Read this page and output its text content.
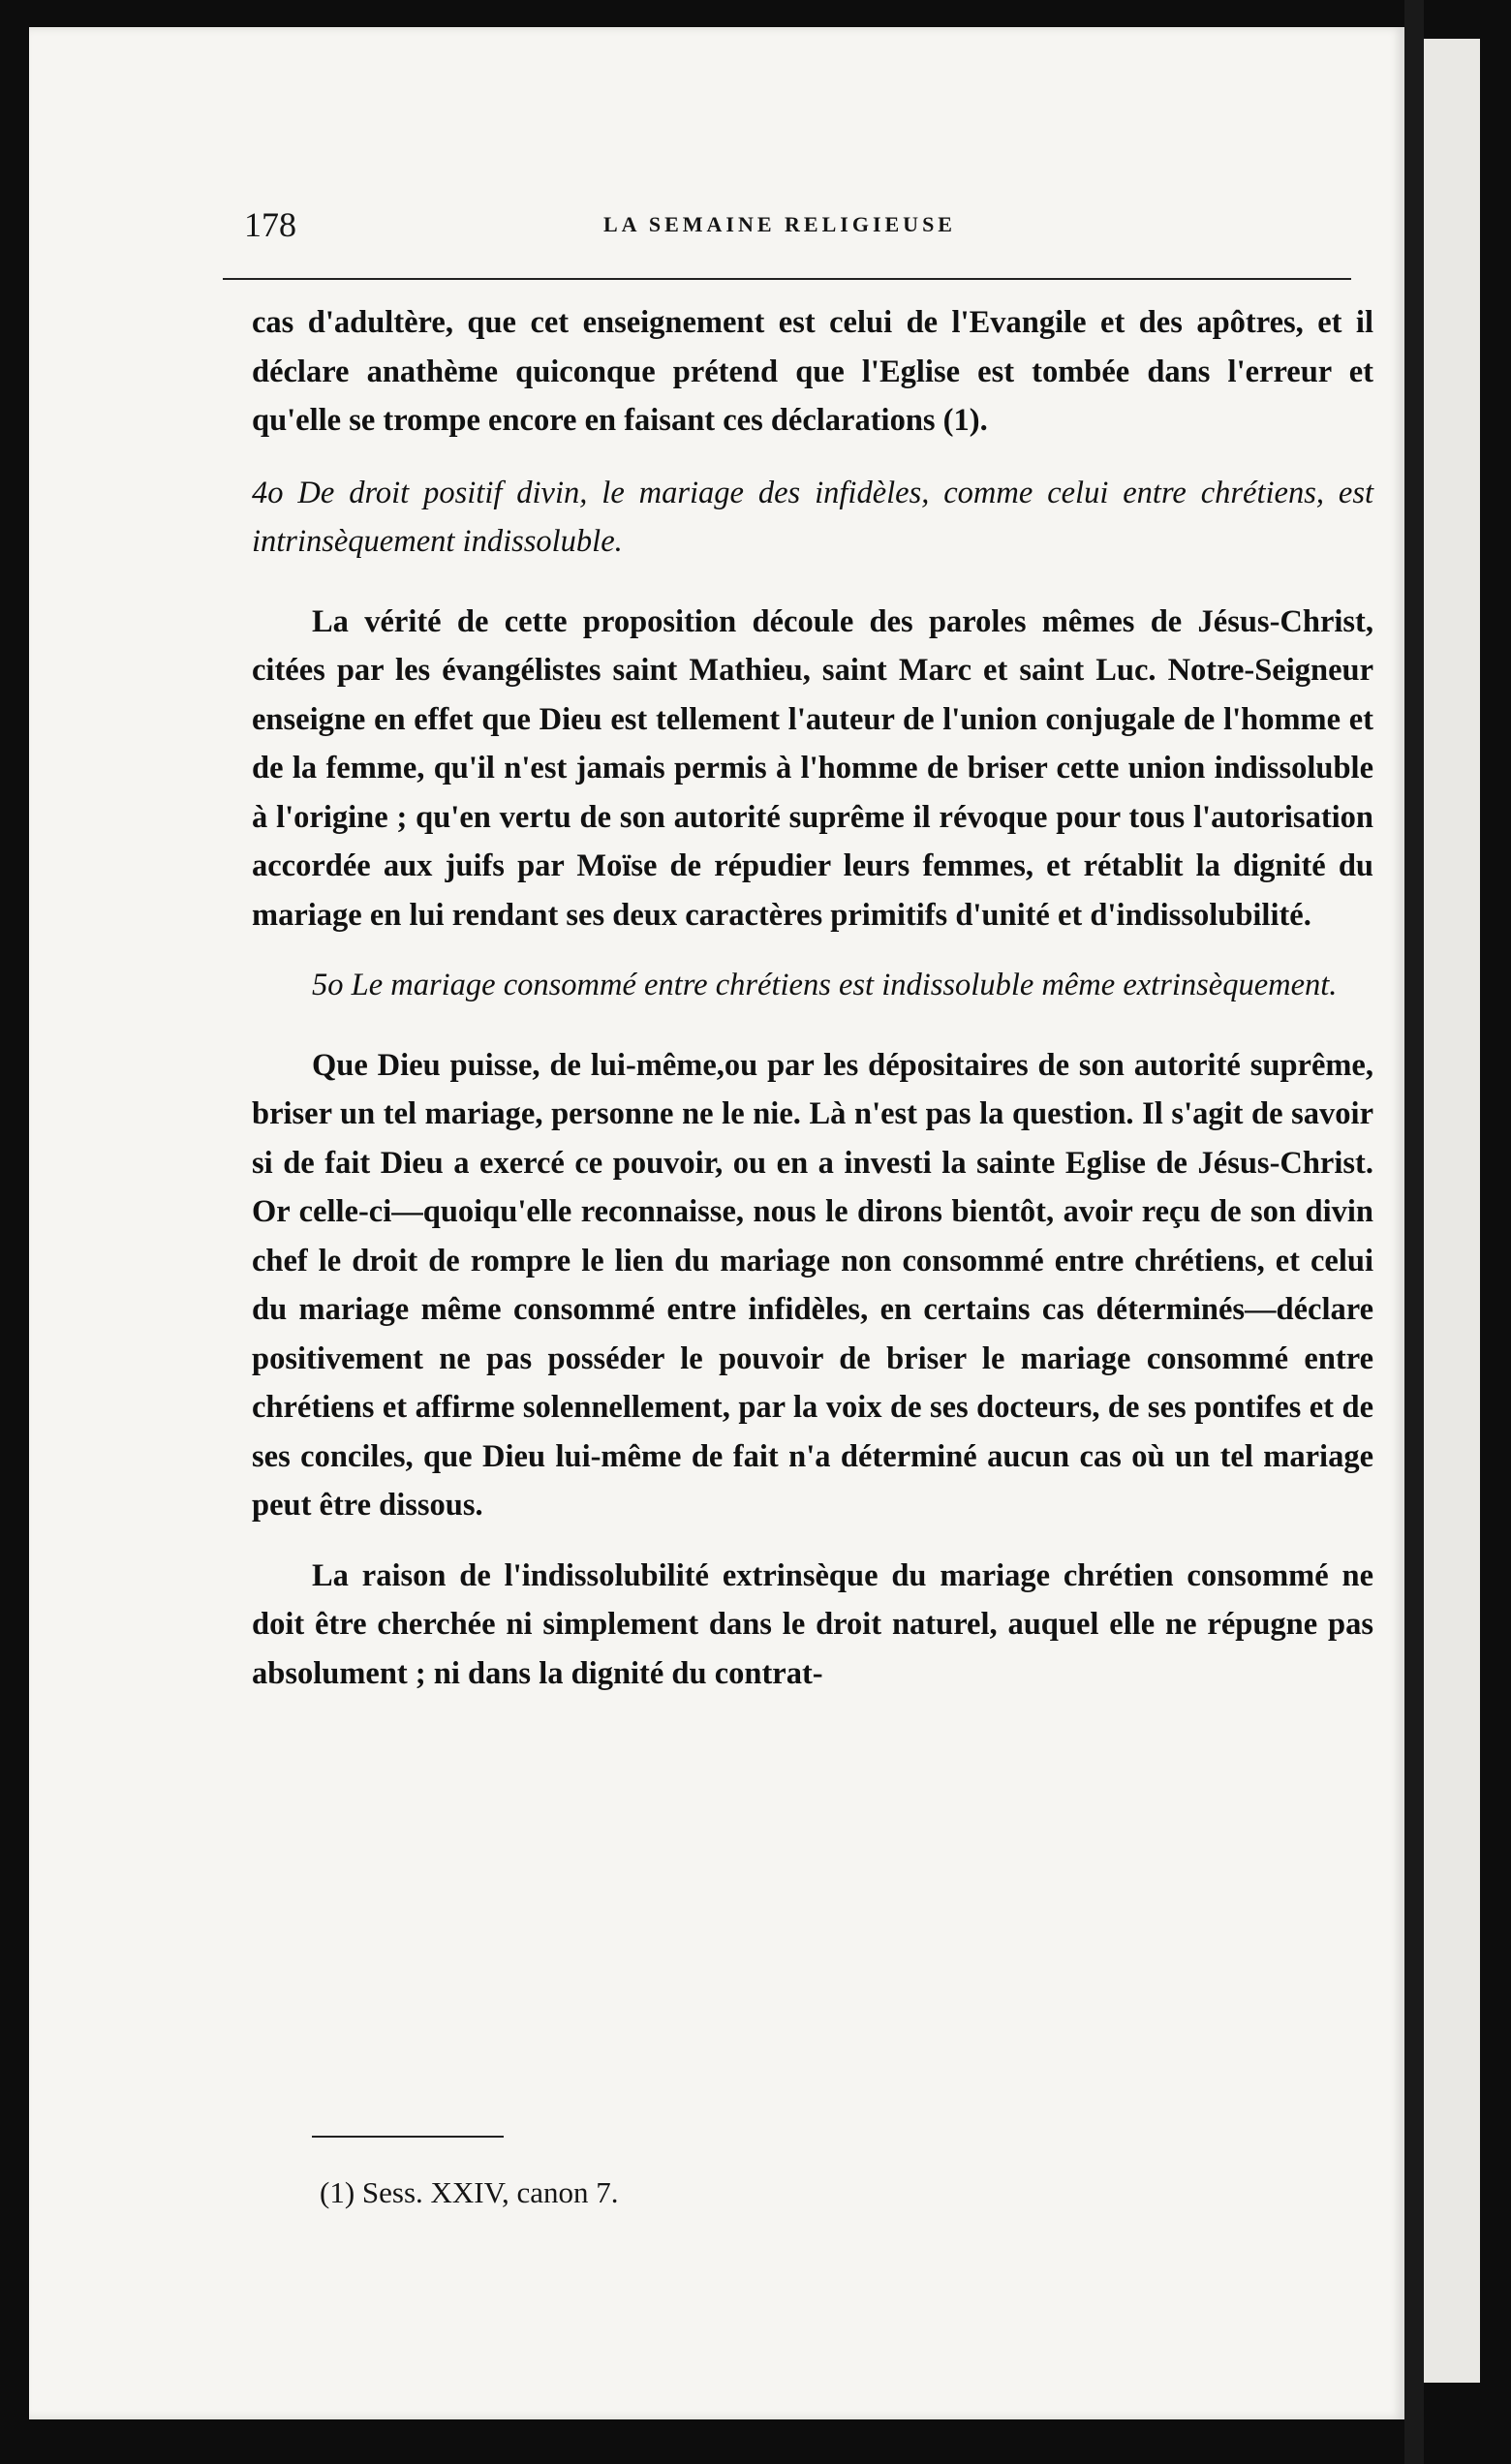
178	LA SEMAINE RELIGIEUSE

cas d'adultère, que cet enseignement est celui de l'Evangile et des apôtres, et il déclare anathème quiconque prétend que l'Eglise est tombée dans l'erreur et qu'elle se trompe encore en faisant ces déclarations (1).

4o De droit positif divin, le mariage des infidèles, comme celui entre chrétiens, est intrinsèquement indissoluble.

La vérité de cette proposition découle des paroles mêmes de Jésus-Christ, citées par les évangélistes saint Mathieu, saint Marc et saint Luc. Notre-Seigneur enseigne en effet que Dieu est tellement l'auteur de l'union conjugale de l'homme et de la femme, qu'il n'est jamais permis à l'homme de briser cette union indissoluble à l'origine ; qu'en vertu de son autorité suprême il révoque pour tous l'autorisation accordée aux juifs par Moïse de répudier leurs femmes, et rétablit la dignité du mariage en lui rendant ses deux caractères primitifs d'unité et d'indissolubilité.

5o Le mariage consommé entre chrétiens est indissoluble même extrinsèquement.

Que Dieu puisse, de lui-même,ou par les dépositaires de son autorité suprême, briser un tel mariage, personne ne le nie. Là n'est pas la question. Il s'agit de savoir si de fait Dieu a exercé ce pouvoir, ou en a investi la sainte Eglise de Jésus-Christ. Or celle-ci—quoiqu'elle reconnaisse, nous le dirons bientôt, avoir reçu de son divin chef le droit de rompre le lien du mariage non consommé entre chrétiens, et celui du mariage même consommé entre infidèles, en certains cas déterminés—déclare positivement ne pas posséder le pouvoir de briser le mariage consommé entre chrétiens et affirme solennellement, par la voix de ses docteurs, de ses pontifes et de ses conciles, que Dieu lui-même de fait n'a déterminé aucun cas où un tel mariage peut être dissous.

La raison de l'indissolubilité extrinsèque du mariage chrétien consommé ne doit être cherchée ni simplement dans le droit naturel, auquel elle ne répugne pas absolument ; ni dans la dignité du contrat-

(1) Sess. XXIV, canon 7.
